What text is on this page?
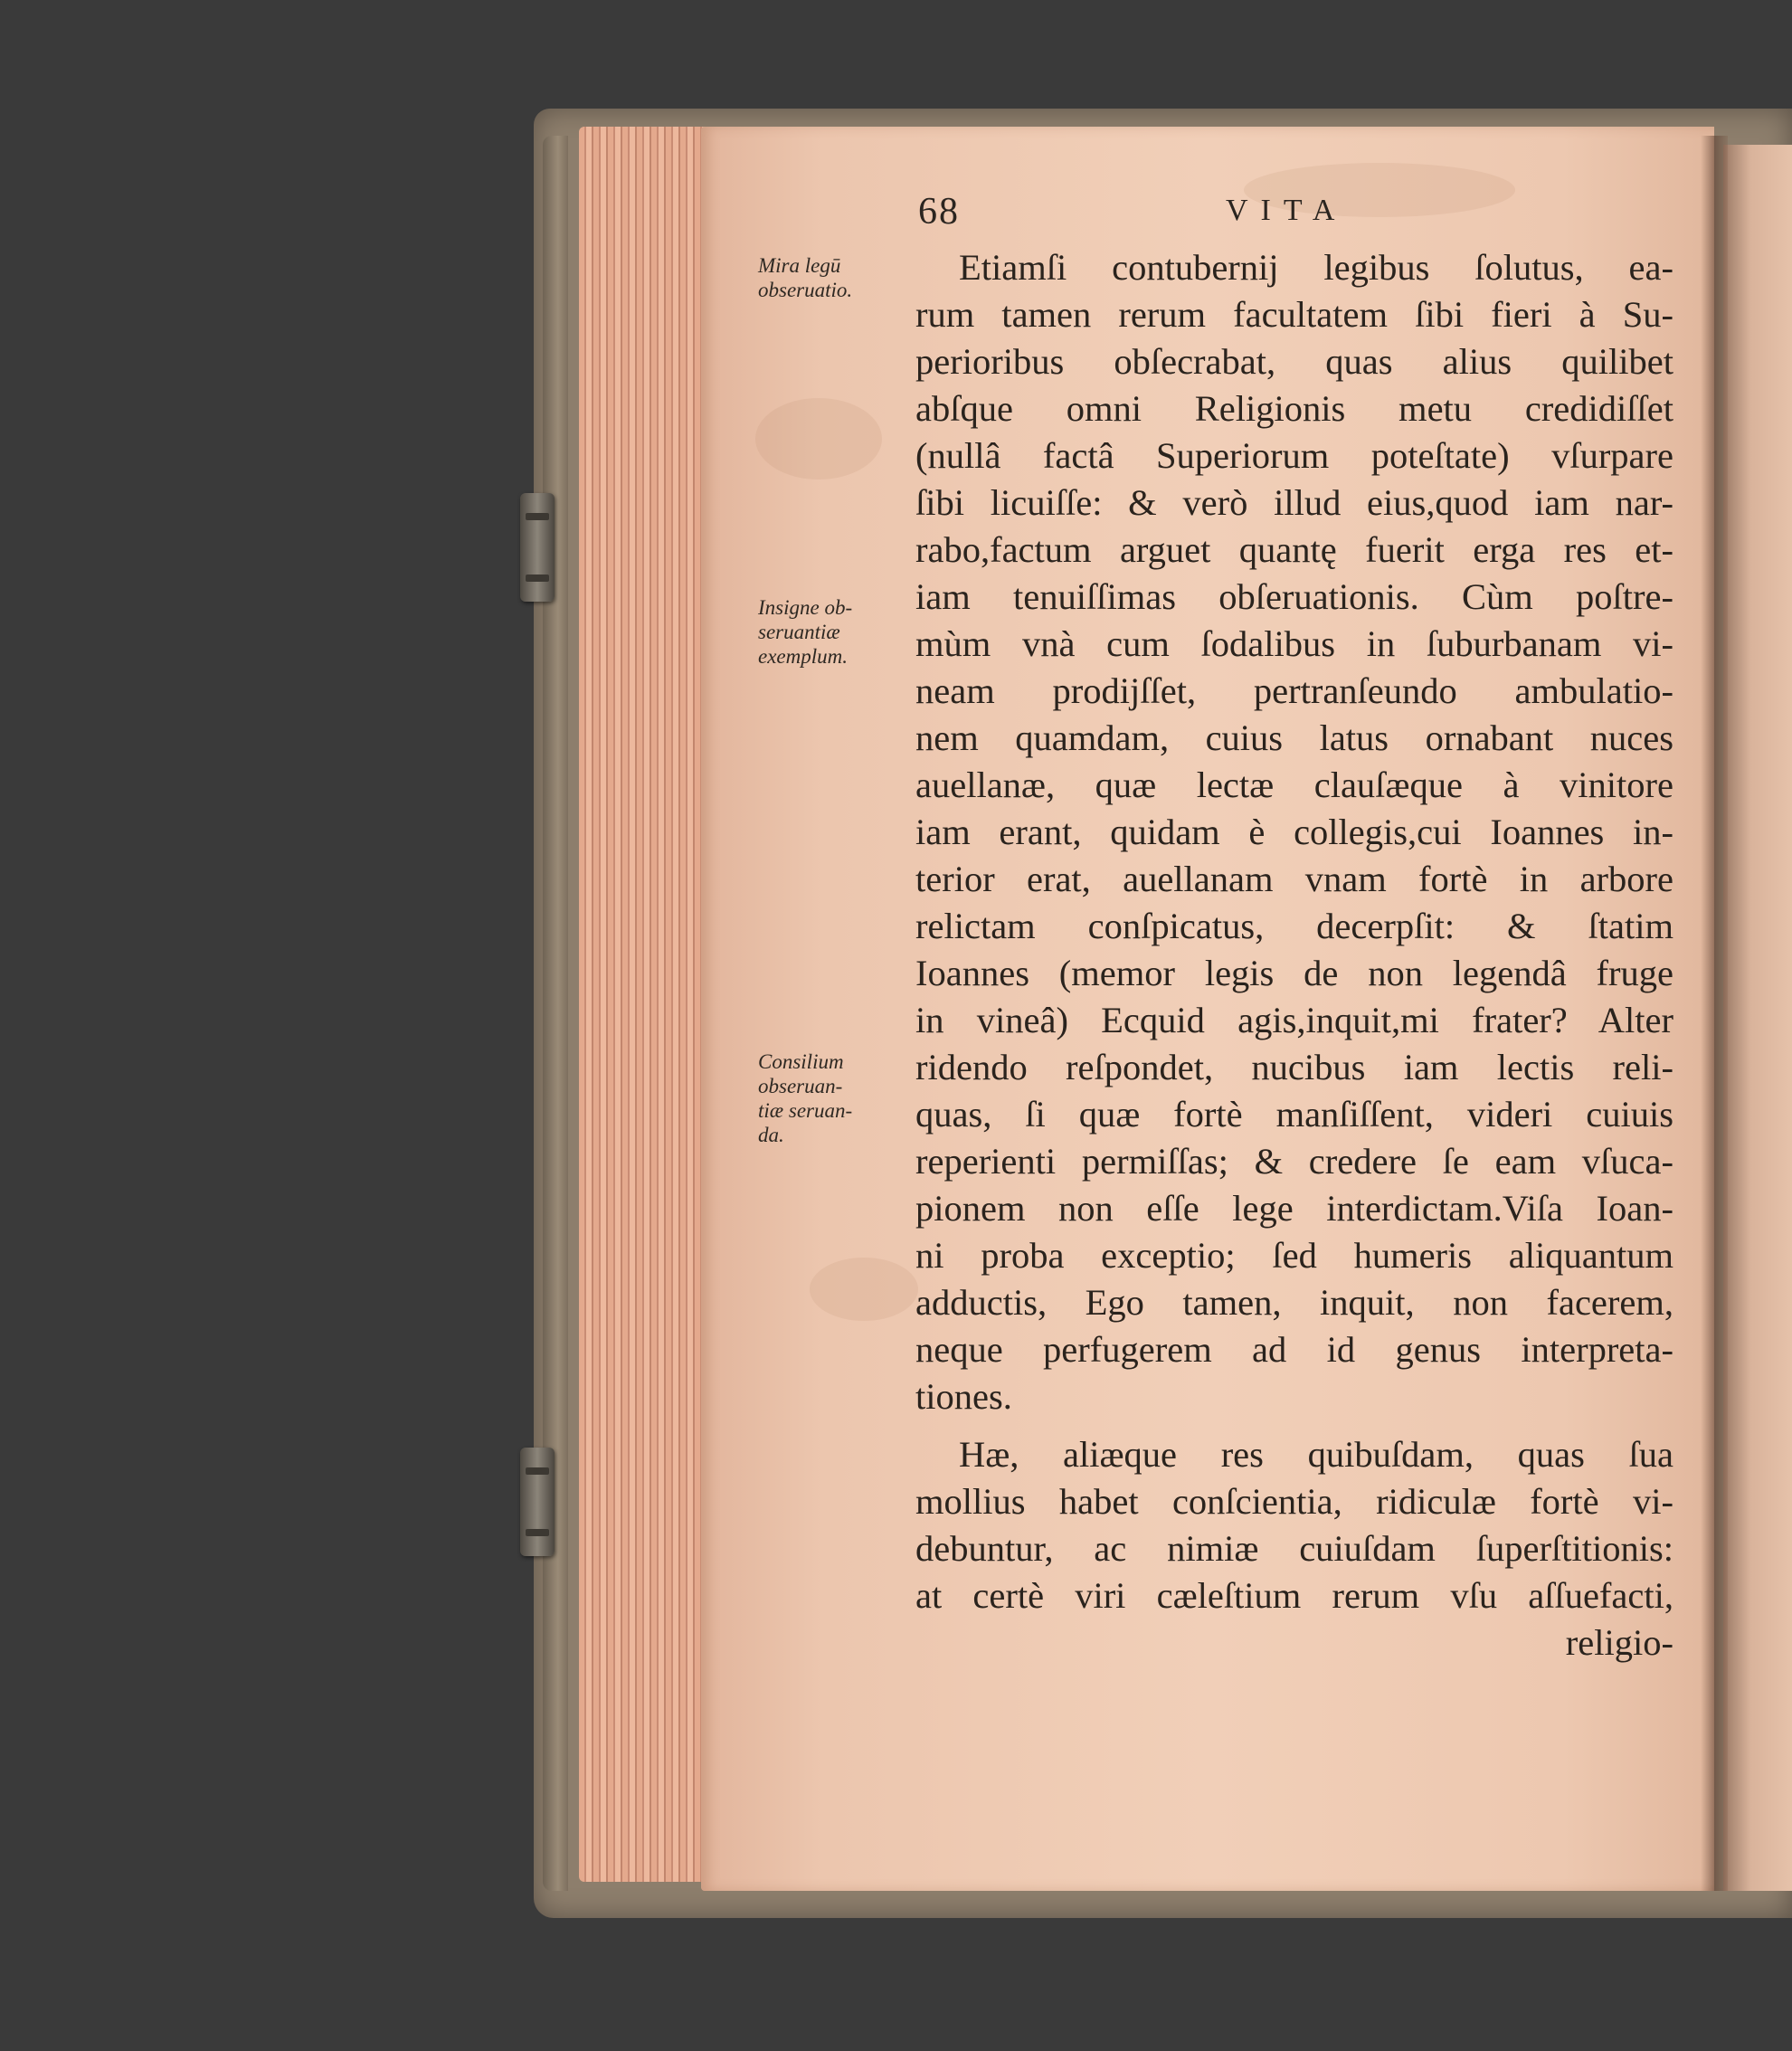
68	VITA
Mira legū
obseruatio.
Insigne ob-
seruantiæ
exemplum.
Consilium
obseruan-
tiæ seruan-
da.
Etiamſi contubernij legibus ſolutus, ea-
rum tamen rerum facultatem ſibi fieri à Su-
perioribus obſecrabat, quas alius quilibet
abſque omni Religionis metu credidiſſet
(nullâ factâ Superiorum poteſtate) vſurpare
ſibi licuiſſe: & verò illud eius,quod iam nar-
rabo,factum arguet quantę fuerit erga res et-
iam tenuiſſimas obſeruationis. Cùm poſtre-
mùm vnà cum ſodalibus in ſuburbanam vi-
neam prodijſſet, pertranſeundo ambulatio-
nem quamdam, cuius latus ornabant nuces
auellanæ, quæ lectæ clauſæque à vinitore
iam erant, quidam è collegis,cui Ioannes in-
terior erat, auellanam vnam fortè in arbore
relictam conſpicatus, decerpſit: & ſtatim
Ioannes (memor legis de non legendâ fruge
in vineâ) Ecquid agis,inquit,mi frater? Alter
ridendo reſpondet, nucibus iam lectis reli-
quas, ſi quæ fortè manſiſſent, videri cuiuis
reperienti permiſſas; & credere ſe eam vſuca-
pionem non eſſe lege interdictam.Viſa Ioan-
ni proba exceptio; ſed humeris aliquantum
adductis, Ego tamen, inquit, non facerem,
neque perfugerem ad id genus interpreta-
tiones.
Hæ, aliæque res quibuſdam, quas ſua
mollius habet conſcientia, ridiculæ fortè vi-
debuntur, ac nimiæ cuiuſdam ſuperſtitionis:
at certè viri cæleſtium rerum vſu aſſuefacti,
religio-
